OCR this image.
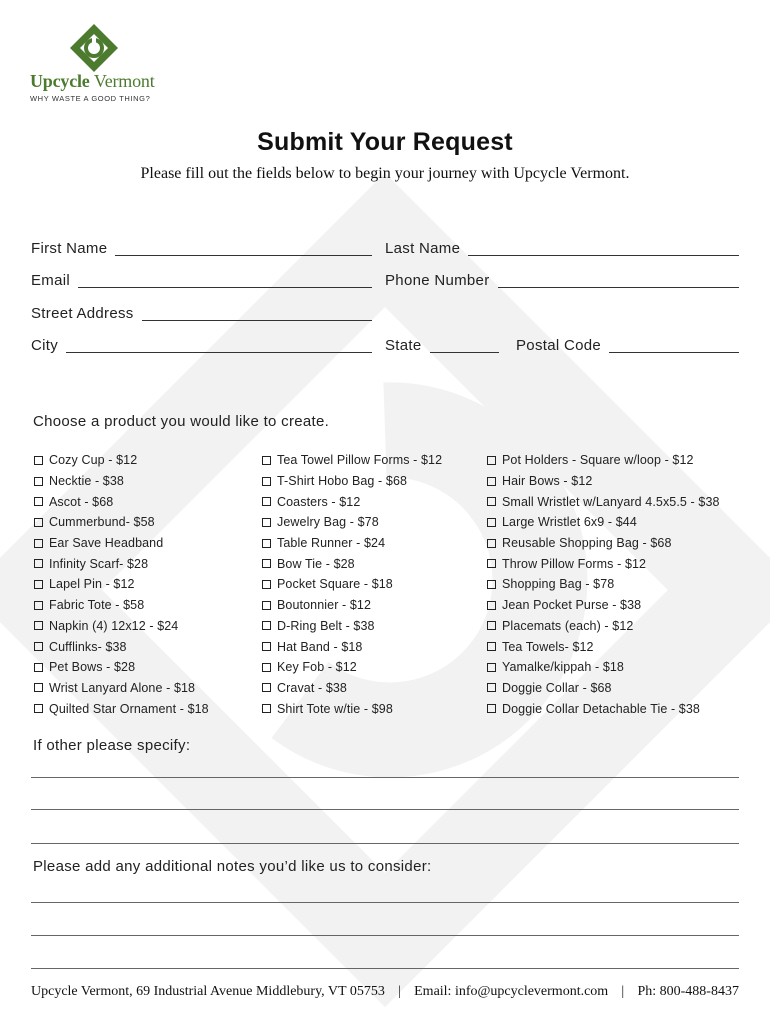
Upcycle Vermont
WHY WASTE A GOOD THING?
Submit Your Request
Please fill out the fields below to begin your journey with Upcycle Vermont.
First Name	Last Name
Email	Phone Number
Street Address
City	State	Postal Code
Choose a product you would like to create.
Cozy Cup - $12
Necktie - $38
Ascot - $68
Cummerbund- $58
Ear Save Headband
Infinity Scarf- $28
Lapel Pin - $12
Fabric Tote - $58
Napkin (4) 12x12 - $24
Cufflinks- $38
Pet Bows - $28
Wrist Lanyard Alone - $18
Quilted Star Ornament - $18
Tea Towel Pillow Forms - $12
T-Shirt Hobo Bag - $68
Coasters - $12
Jewelry Bag - $78
Table Runner - $24
Bow Tie - $28
Pocket Square - $18
Boutonnier - $12
D-Ring Belt - $38
Hat Band - $18
Key Fob - $12
Cravat - $38
Shirt Tote w/tie - $98
Pot Holders - Square w/loop - $12
Hair Bows - $12
Small Wristlet w/Lanyard 4.5x5.5 - $38
Large Wristlet 6x9 - $44
Reusable Shopping Bag - $68
Throw Pillow Forms - $12
Shopping Bag - $78
Jean Pocket Purse - $38
Placemats (each) - $12
Tea Towels- $12
Yamalke/kippah - $18
Doggie Collar - $68
Doggie Collar Detachable Tie - $38
If other please specify:
Please add any additional notes you’d like us to consider:
Upcycle Vermont, 69 Industrial Avenue Middlebury, VT 05753 | Email: info@upcyclevermont.com | Ph: 800-488-8437
